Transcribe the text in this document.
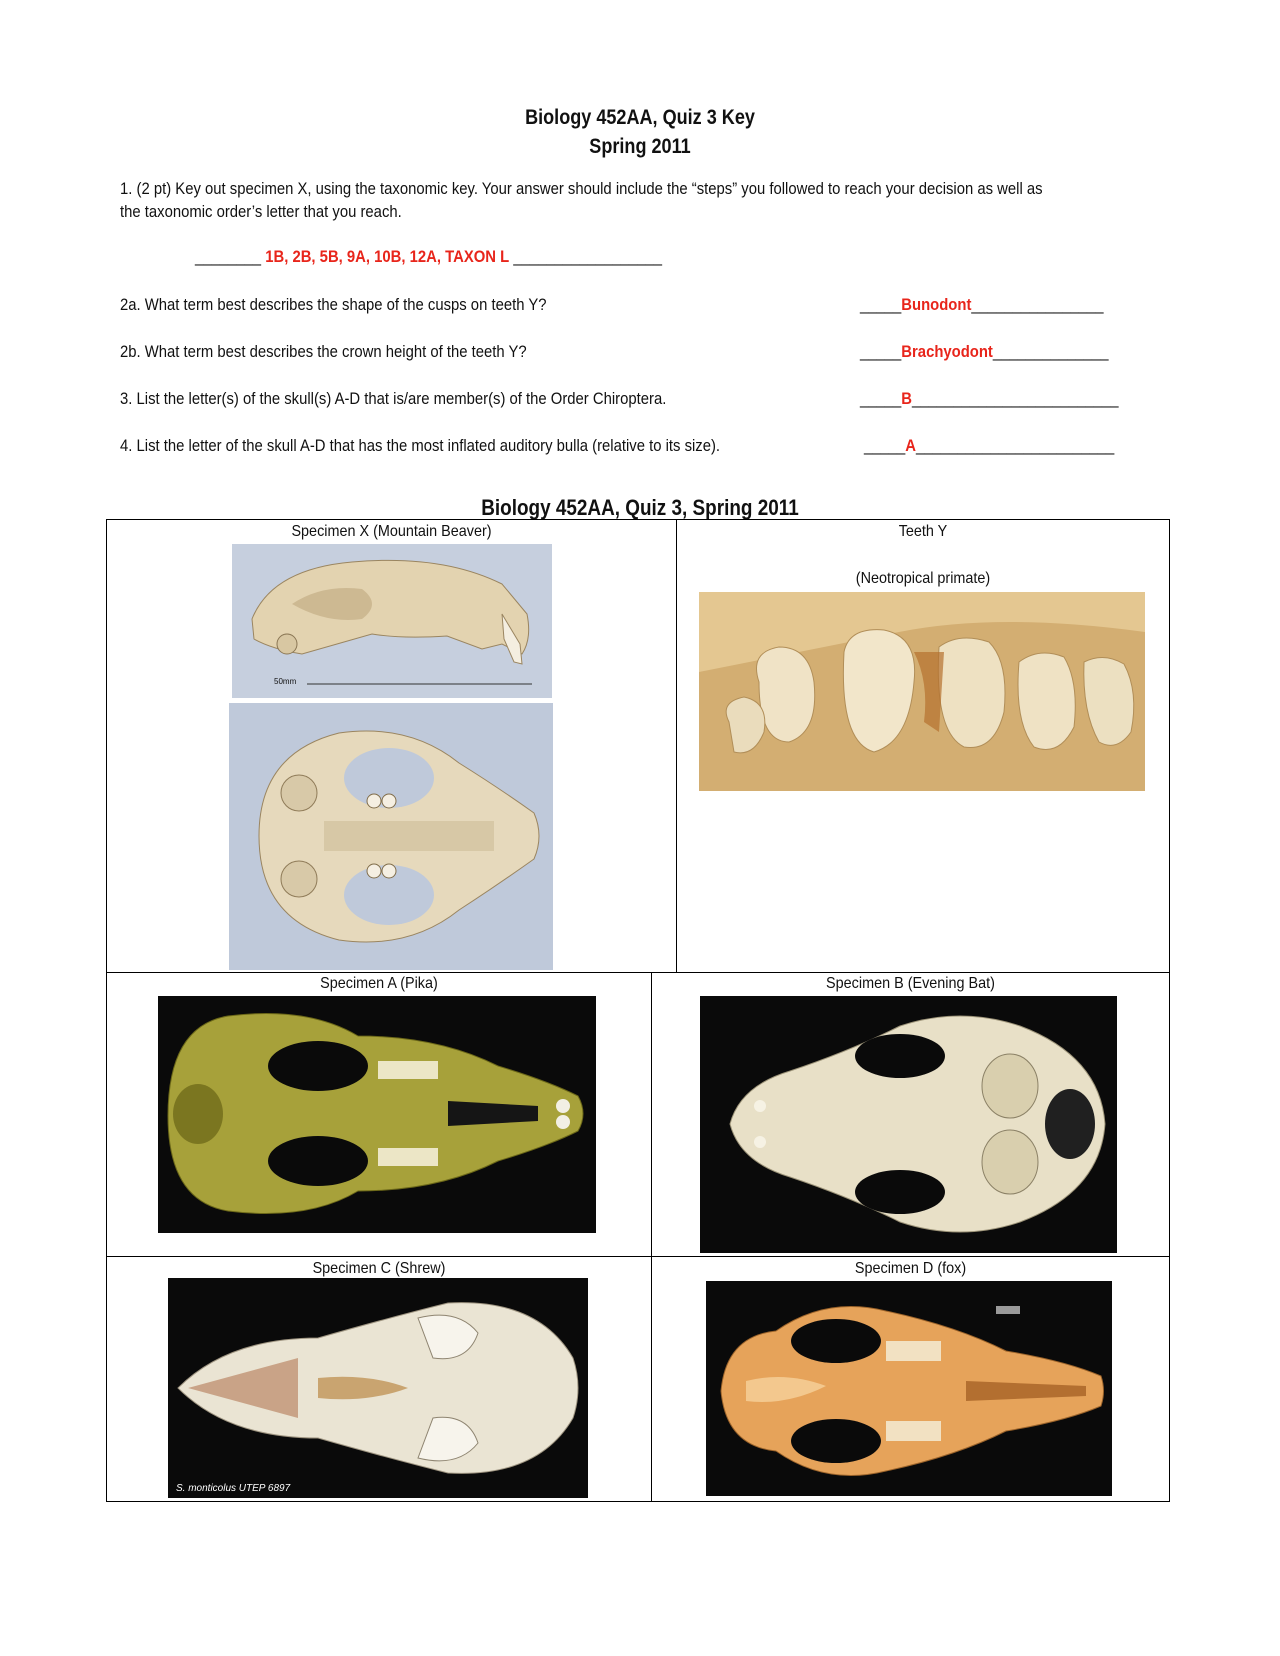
Biology 452AA, Quiz 3 Key
Spring 2011
1. (2 pt) Key out specimen X, using the taxonomic key. Your answer should include the “steps” you followed to reach your decision as well as the taxonomic order’s letter that you reach.
________ 1B, 2B, 5B, 9A, 10B, 12A, TAXON L __________________
2a. What term best describes the shape of the cusps on teeth Y?	_____Bunodont________________
2b. What term best describes the crown height of the teeth Y?	_____Brachyodont______________
3. List the letter(s) of the skull(s) A-D that is/are member(s) of the Order Chiroptera.	_____B_________________________
4. List the letter of the skull A-D that has the most inflated auditory bulla (relative to its size).	_____A________________________
Biology 452AA, Quiz 3, Spring 2011
Specimen X (Mountain Beaver)	Teeth Y
(Neotropical primate)
Specimen A (Pika)	Specimen B (Evening Bat)
Specimen C (Shrew)	Specimen D (fox)
50mm
S. monticolus UTEP 6897
